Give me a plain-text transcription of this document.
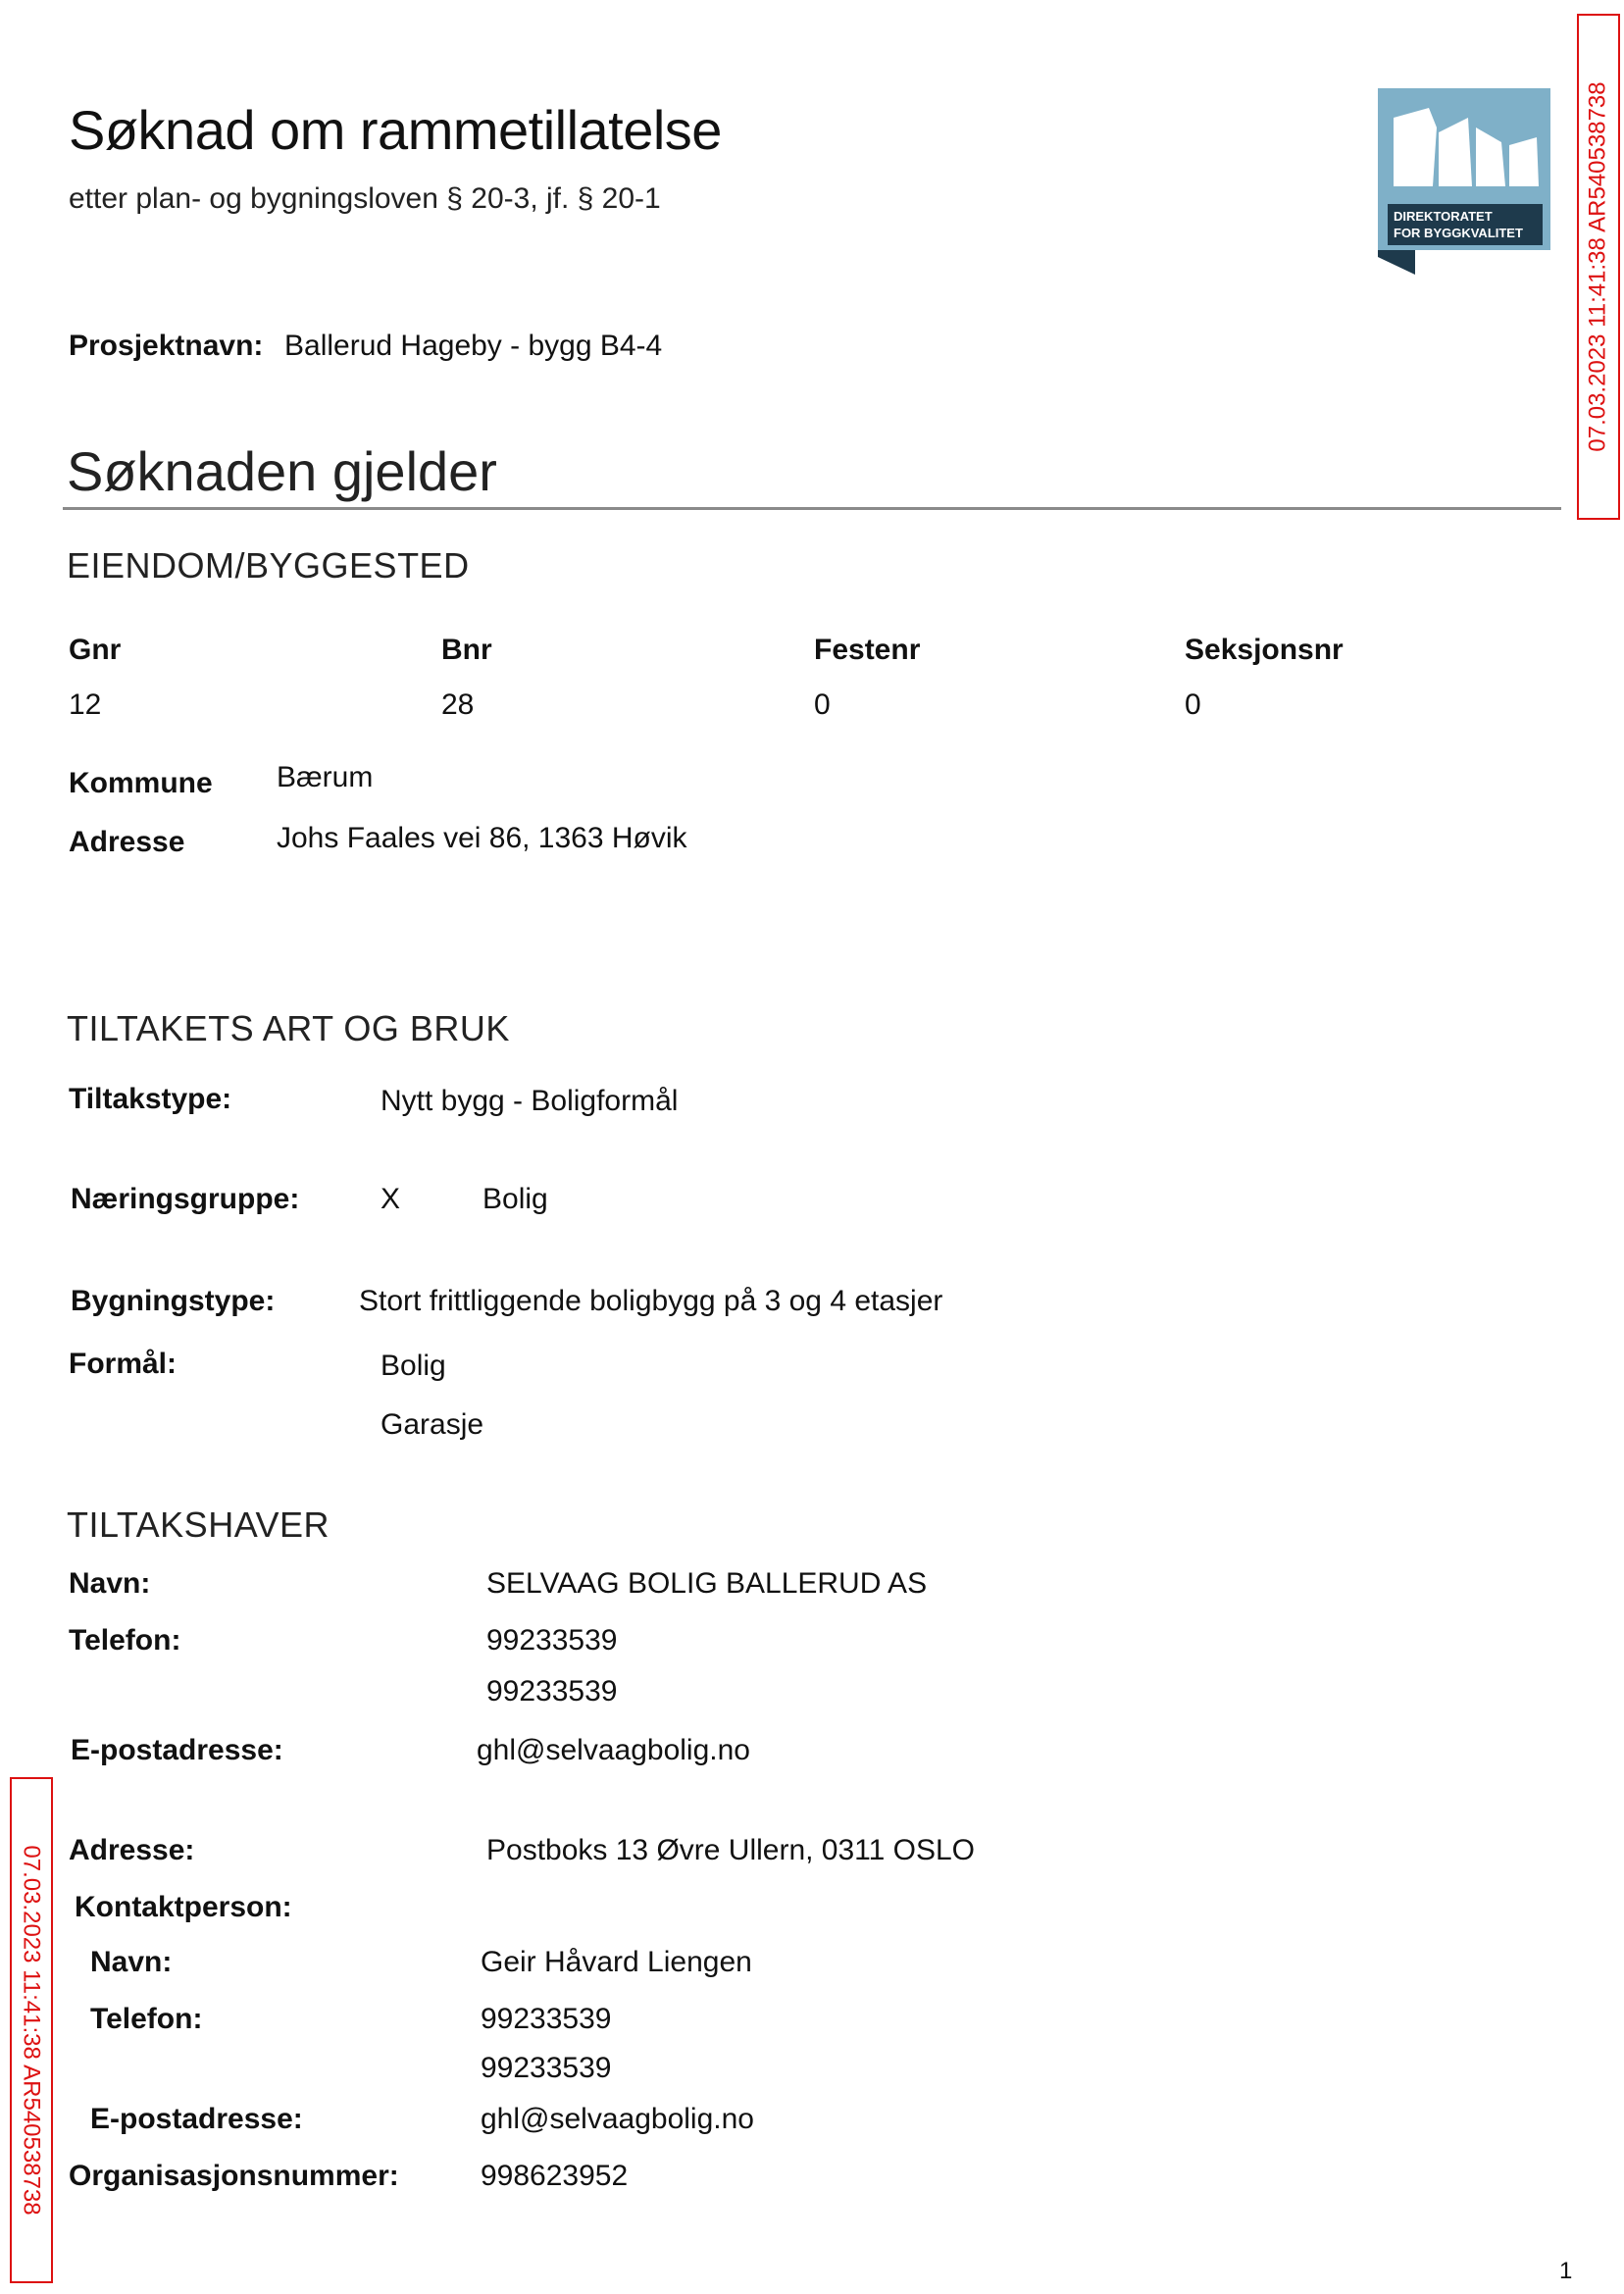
Søknad om rammetillatelse
etter plan- og bygningsloven § 20-3, jf. § 20-1
DIREKTORATET
FOR BYGGKVALITET	07.03.2023 11:41:38 AR540538738
07.03.2023 11:41:38 AR540538738
Prosjektnavn: Ballerud Hageby - bygg B4-4
Søknaden gjelder
EIENDOM/BYGGESTED
Gnr	Bnr	Festenr	Seksjonsnr
12	28	0	0
Kommune Bærum
Adresse	Johs Faales vei 86, 1363 Høvik
TILTAKETS ART OG BRUK
Tiltakstype:	Nytt bygg - Boligformål
Næringsgruppe:	X	Bolig
Bygningstype:	Stort frittliggende boligbygg på 3 og 4 etasjer
Formål:	Bolig
Garasje
TILTAKSHAVER
Navn:	SELVAAG BOLIG BALLERUD AS
Telefon:	99233539
99233539
E-postadresse:	ghl@selvaagbolig.no
Adresse:	Postboks 13 Øvre Ullern, 0311 OSLO
Kontaktperson:
Navn:	Geir Håvard Liengen
Telefon:	99233539
99233539
E-postadresse:	ghl@selvaagbolig.no
Organisasjonsnummer:	998623952
1
